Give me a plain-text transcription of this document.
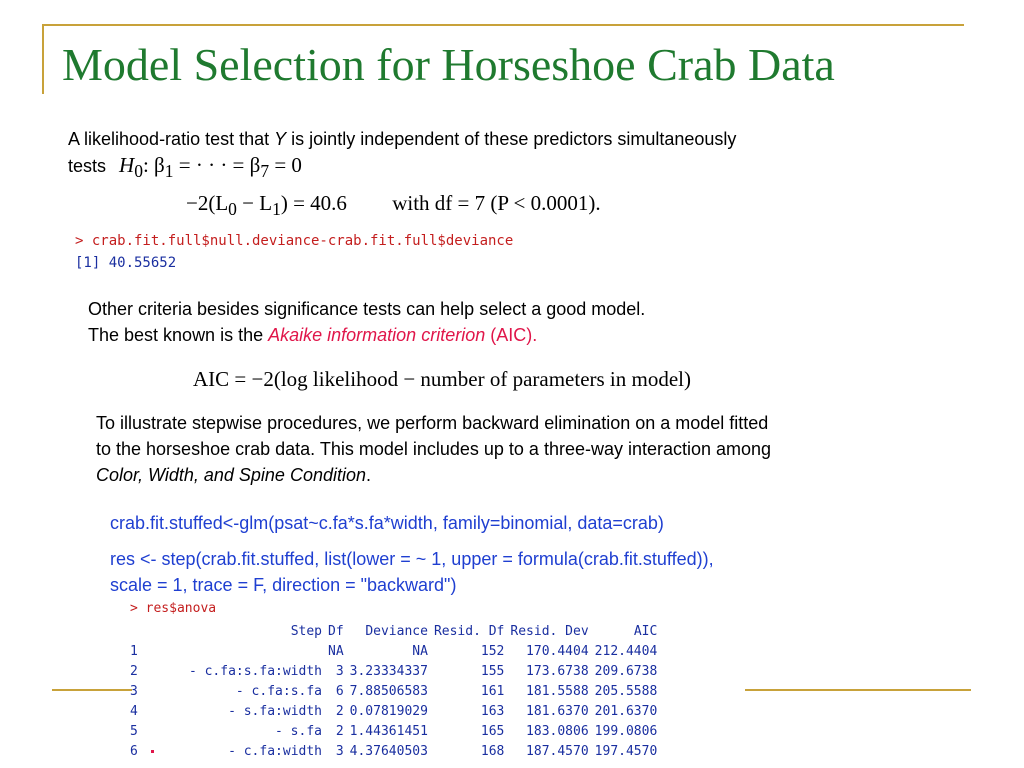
Model Selection for Horseshoe Crab Data
A likelihood-ratio test that Y is jointly independent of these predictors simultaneously
tests $H_0$: $\beta_1$ = · · · = $\beta_7 = 0$
$-2(L_0 - L_1) = 40.6$ with df = 7 (P < 0.0001).
> crab.fit.full$null.deviance-crab.fit.full$deviance
[1] 40.55652
Other criteria besides significance tests can help select a good model.
The best known is the Akaike information criterion (AIC).
AIC = −2(log likelihood − number of parameters in model)
To illustrate stepwise procedures, we perform backward elimination on a model fitted
to the horseshoe crab data. This model includes up to a three-way interaction among
Color, Width, and Spine Condition.
crab.fit.stuffed<-glm(psat~c.fa*s.fa*width, family=binomial, data=crab)
res <- step(crab.fit.stuffed, list(lower = ~ 1, upper = formula(crab.fit.stuffed)),
scale = 1, trace = F, direction = "backward")
> res$anova
	Step	Df	Deviance	Resid. Df	Resid. Dev	AIC
1		NA	NA	152	170.4404	212.4404
2	- c.fa:s.fa:width	3	3.23334337	155	173.6738	209.6738
3	- c.fa:s.fa	6	7.88506583	161	181.5588	205.5588
4	- s.fa:width	2	0.07819029	163	181.6370	201.6370
5	- s.fa	2	1.44361451	165	183.0806	199.0806
6	- c.fa:width	3	4.37640503	168	187.4570	197.4570
